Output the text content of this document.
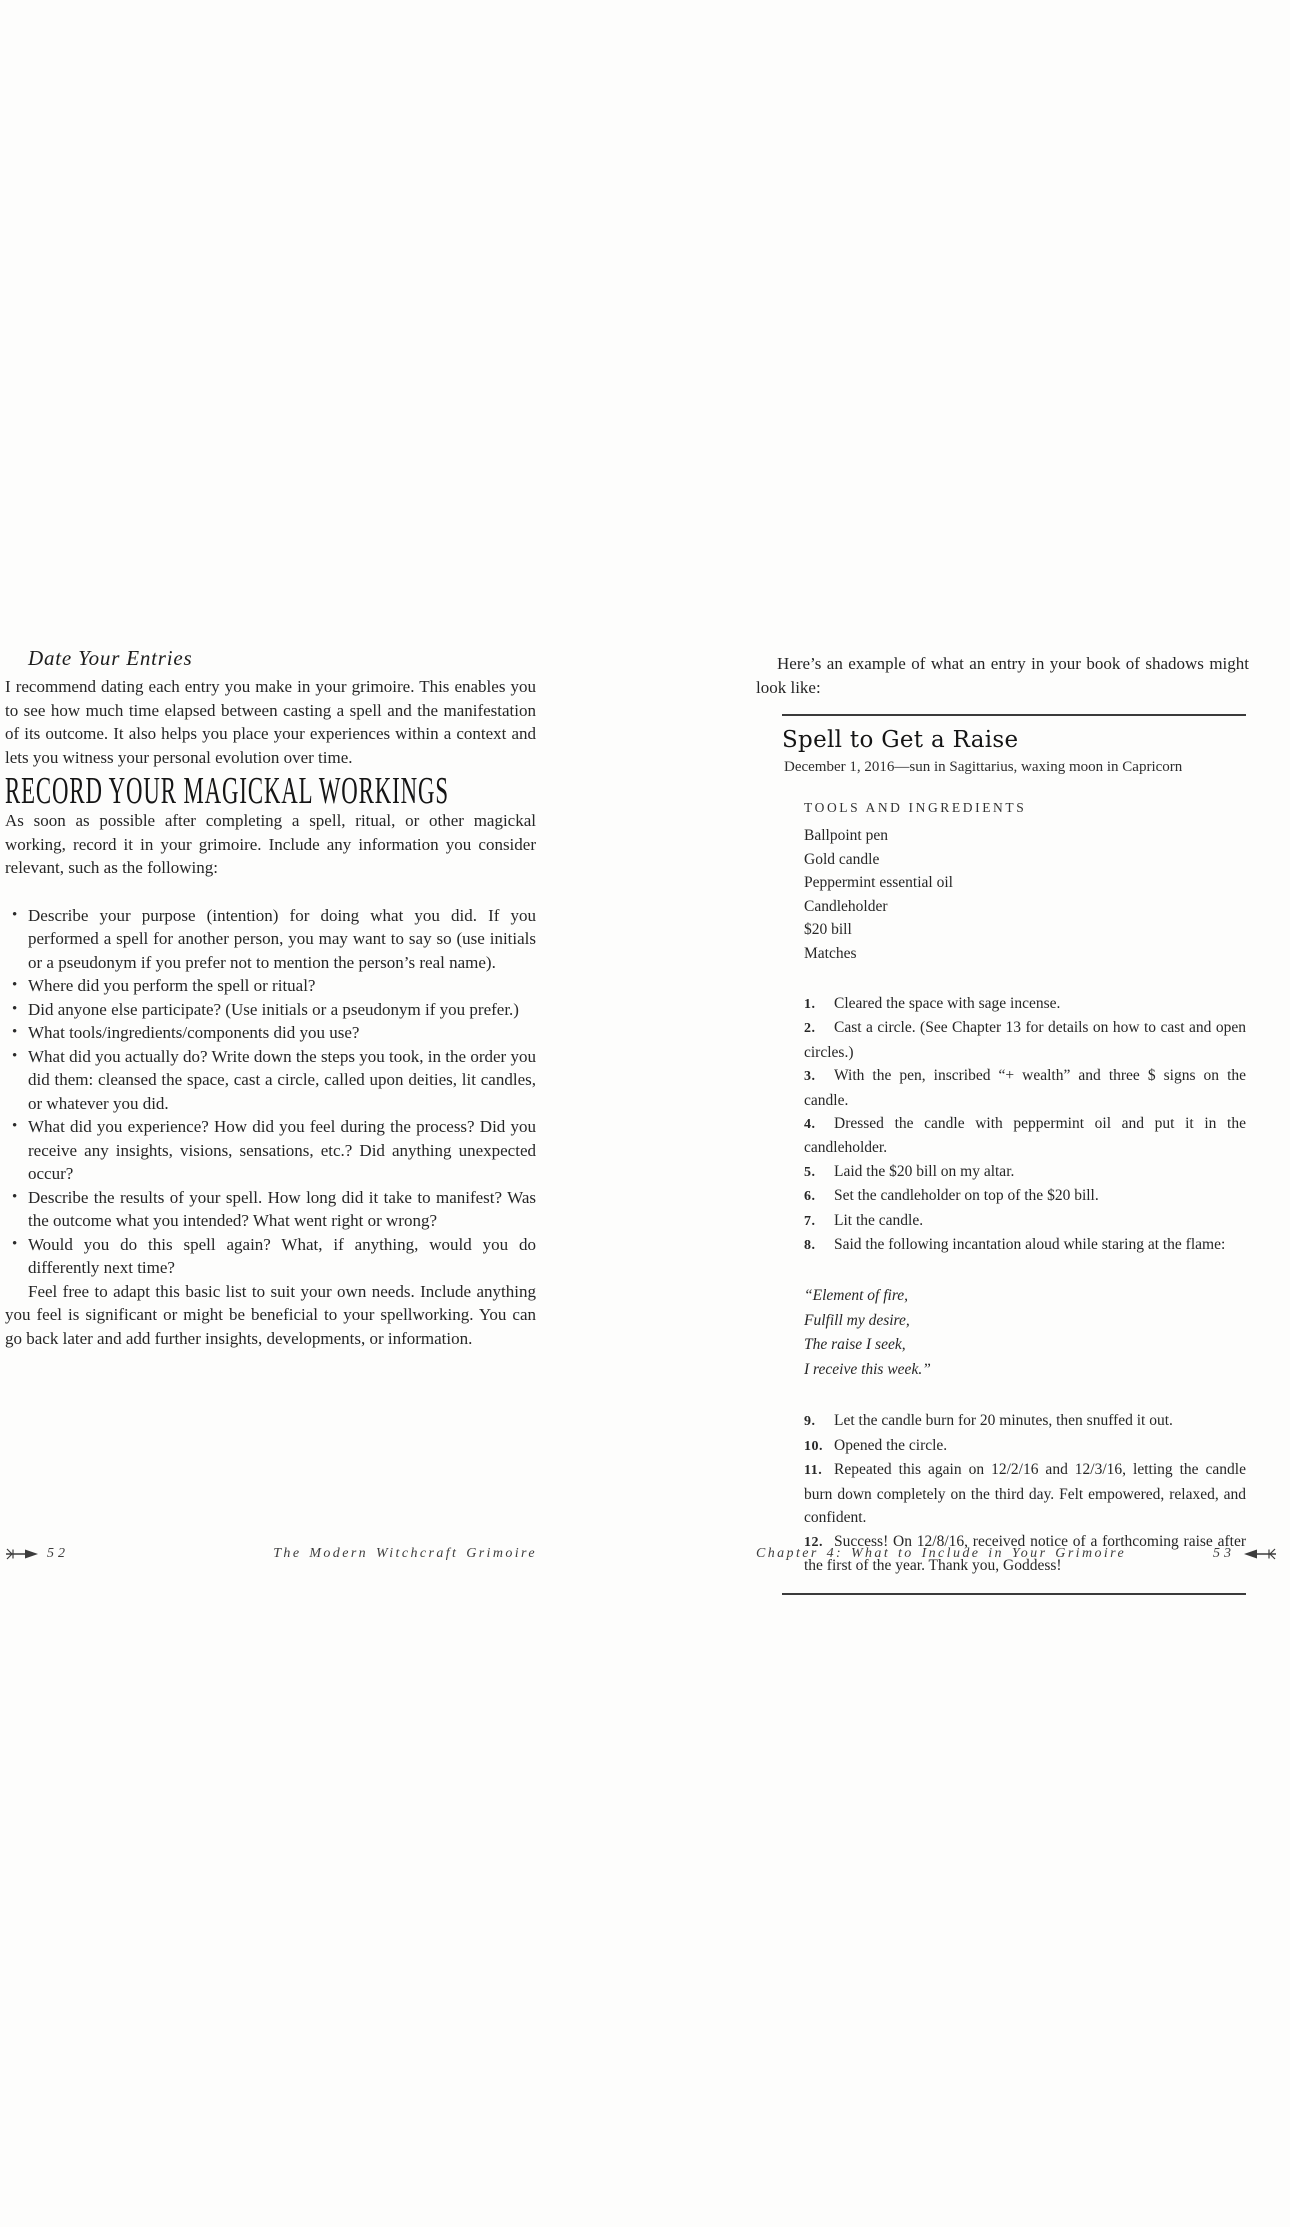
Date Your Entries

I recommend dating each entry you make in your grimoire. This enables you to see how much time elapsed between casting a spell and the manifestation of its outcome. It also helps you place your experiences within a context and lets you witness your personal evolution over time.

RECORD YOUR MAGICKAL WORKINGS

As soon as possible after completing a spell, ritual, or other magickal working, record it in your grimoire. Include any information you consider relevant, such as the following:

• Describe your purpose (intention) for doing what you did. If you performed a spell for another person, you may want to say so (use initials or a pseudonym if you prefer not to mention the person’s real name).
• Where did you perform the spell or ritual?
• Did anyone else participate? (Use initials or a pseudonym if you prefer.)
• What tools/ingredients/components did you use?
• What did you actually do? Write down the steps you took, in the order you did them: cleansed the space, cast a circle, called upon deities, lit candles, or whatever you did.
• What did you experience? How did you feel during the process? Did you receive any insights, visions, sensations, etc.? Did anything unexpected occur?
• Describe the results of your spell. How long did it take to manifest? Was the outcome what you intended? What went right or wrong?
• Would you do this spell again? What, if anything, would you do differently next time?

Feel free to adapt this basic list to suit your own needs. Include anything you feel is significant or might be beneficial to your spellworking. You can go back later and add further insights, developments, or information.

52	The Modern Witchcraft Grimoire

Here’s an example of what an entry in your book of shadows might look like:

Spell to Get a Raise

December 1, 2016—sun in Sagittarius, waxing moon in Capricorn

TOOLS AND INGREDIENTS

Ballpoint pen

Gold candle

Peppermint essential oil

Candleholder

$20 bill

Matches

1. Cleared the space with sage incense.

2. Cast a circle. (See Chapter 13 for details on how to cast and open circles.)

3. With the pen, inscribed “+ wealth” and three $ signs on the candle.

4. Dressed the candle with peppermint oil and put it in the candleholder.

5. Laid the $20 bill on my altar.

6. Set the candleholder on top of the $20 bill.

7. Lit the candle.

8. Said the following incantation aloud while staring at the flame:

“Element of fire,

Fulfill my desire,

The raise I seek,

I receive this week.”

9. Let the candle burn for 20 minutes, then snuffed it out.

10. Opened the circle.

11. Repeated this again on 12/2/16 and 12/3/16, letting the candle burn down completely on the third day. Felt empowered, relaxed, and confident.

12. Success! On 12/8/16, received notice of a forthcoming raise after the first of the year. Thank you, Goddess!

Chapter 4: What to Include in Your Grimoire	53
